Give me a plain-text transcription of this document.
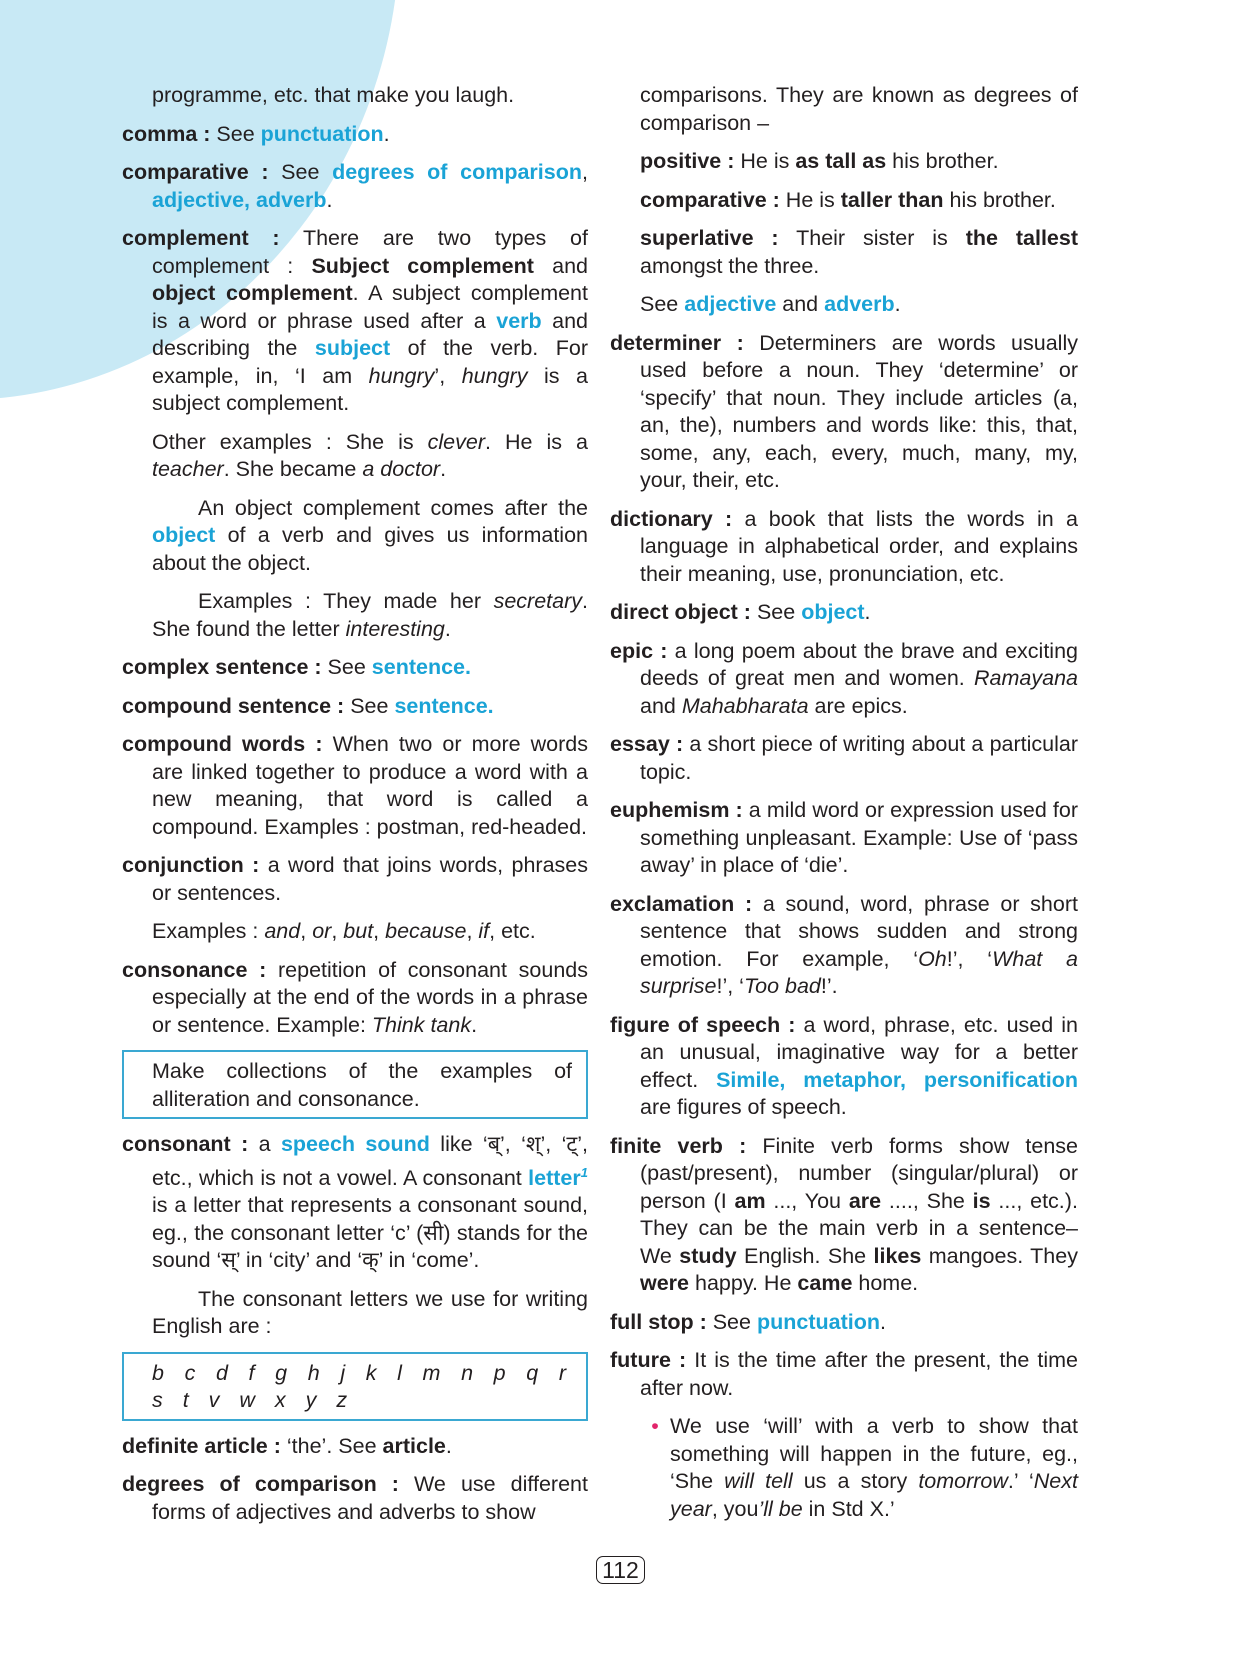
programme, etc. that make you laugh.
comma : See punctuation.
comparative : See degrees of comparison, adjective, adverb.
complement : There are two types of complement : Subject complement and object complement. A subject complement is a word or phrase used after a verb and describing the subject of the verb. For example, in, ‘I am hungry’, hungry is a subject complement.
Other examples : She is clever. He is a teacher. She became a doctor.
An object complement comes after the object of a verb and gives us information about the object.
Examples : They made her secretary. She found the letter interesting.
complex sentence : See sentence.
compound sentence : See sentence.
compound words : When two or more words are linked together to produce a word with a new meaning, that word is called a compound. Examples : postman, red-headed.
conjunction : a word that joins words, phrases or sentences.
Examples : and, or, but, because, if, etc.
consonance : repetition of consonant sounds especially at the end of the words in a phrase or sentence. Example: Think tank.
Make collections of the examples of alliteration and consonance.
consonant : a speech sound like ‘ब्’, ‘श्’, ‘ट्’, etc., which is not a vowel. A consonant letter$^1$ is a letter that represents a consonant sound, eg., the consonant letter ‘c’ (सी) stands for the sound ‘स्’ in ‘city’ and ‘क्’ in ‘come’.
The consonant letters we use for writing English are :
b c d f g h j k l m n p q r s t v w x y z
definite article : ‘the’. See article.
degrees of comparison : We use different forms of adjectives and adverbs to show
comparisons. They are known as degrees of comparison –
positive : He is as tall as his brother.
comparative : He is taller than his brother.
superlative : Their sister is the tallest amongst the three.
See adjective and adverb.
determiner : Determiners are words usually used before a noun. They ‘determine’ or ‘specify’ that noun. They include articles (a, an, the), numbers and words like: this, that, some, any, each, every, much, many, my, your, their, etc.
dictionary : a book that lists the words in a language in alphabetical order, and explains their meaning, use, pronunciation, etc.
direct object : See object.
epic : a long poem about the brave and exciting deeds of great men and women. Ramayana and Mahabharata are epics.
essay : a short piece of writing about a particular topic.
euphemism : a mild word or expression used for something unpleasant. Example: Use of ‘pass away’ in place of ‘die’.
exclamation : a sound, word, phrase or short sentence that shows sudden and strong emotion. For example, ‘Oh!’, ‘What a surprise!’, ‘Too bad!’.
figure of speech : a word, phrase, etc. used in an unusual, imaginative way for a better effect. Simile, metaphor, personification are figures of speech.
finite verb : Finite verb forms show tense (past/present), number (singular/plural) or person (I am ..., You are ...., She is ..., etc.). They can be the main verb in a sentence– We study English. She likes mangoes. They were happy. He came home.
full stop : See punctuation.
future : It is the time after the present, the time after now.
• We use ‘will’ with a verb to show that something will happen in the future, eg., ‘She will tell us a story tomorrow.’ ‘Next year, you’ll be in Std X.’
112
